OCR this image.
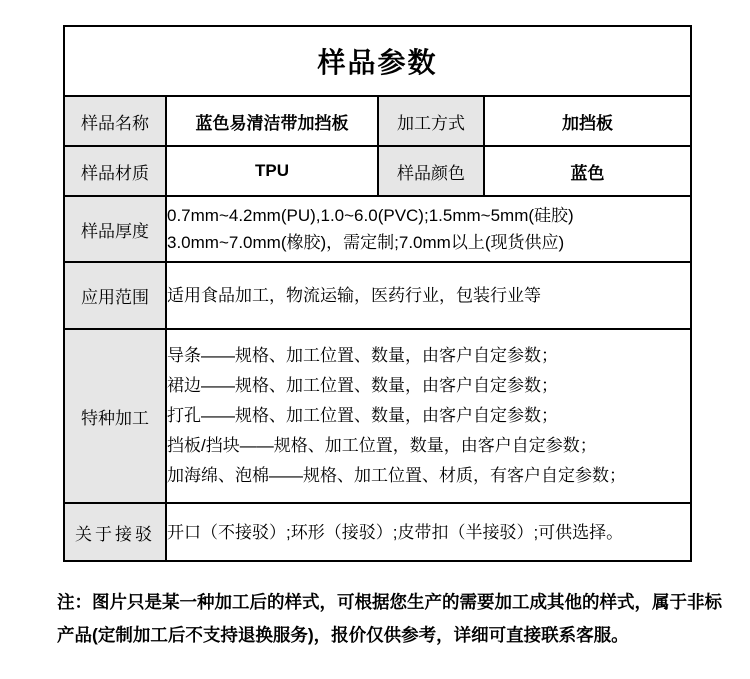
样品参数			
样品名称	蓝色易清洁带加挡板	加工方式	加挡板
样品材质	TPU	样品颜色	蓝色
样品厚度	0.7mm~4.2mm(PU),1.0~6.0(PVC);1.5mm~5mm(硅胶)
3.0mm~7.0mm(橡胶)，需定制;7.0mm以上(现货供应)		

应用范围	适用食品加工，物流运输，医药行业，包装行业等		

特种加工	导条——规格、加工位置、数量，由客户自定参数；
裙边——规格、加工位置、数量，由客户自定参数；
打孔——规格、加工位置、数量，由客户自定参数；
挡板/挡块——规格、加工位置，数量，由客户自定参数；
加海绵、泡棉——规格、加工位置、材质，有客户自定参数；		

关于接驳	开口（不接驳）;环形（接驳）;皮带扣（半接驳）;可供选择。		
注：图片只是某一种加工后的样式，可根据您生产的需要加工成其他的样式，属于非标
产品(定制加工后不支持退换服务)，报价仅供参考，详细可直接联系客服。
